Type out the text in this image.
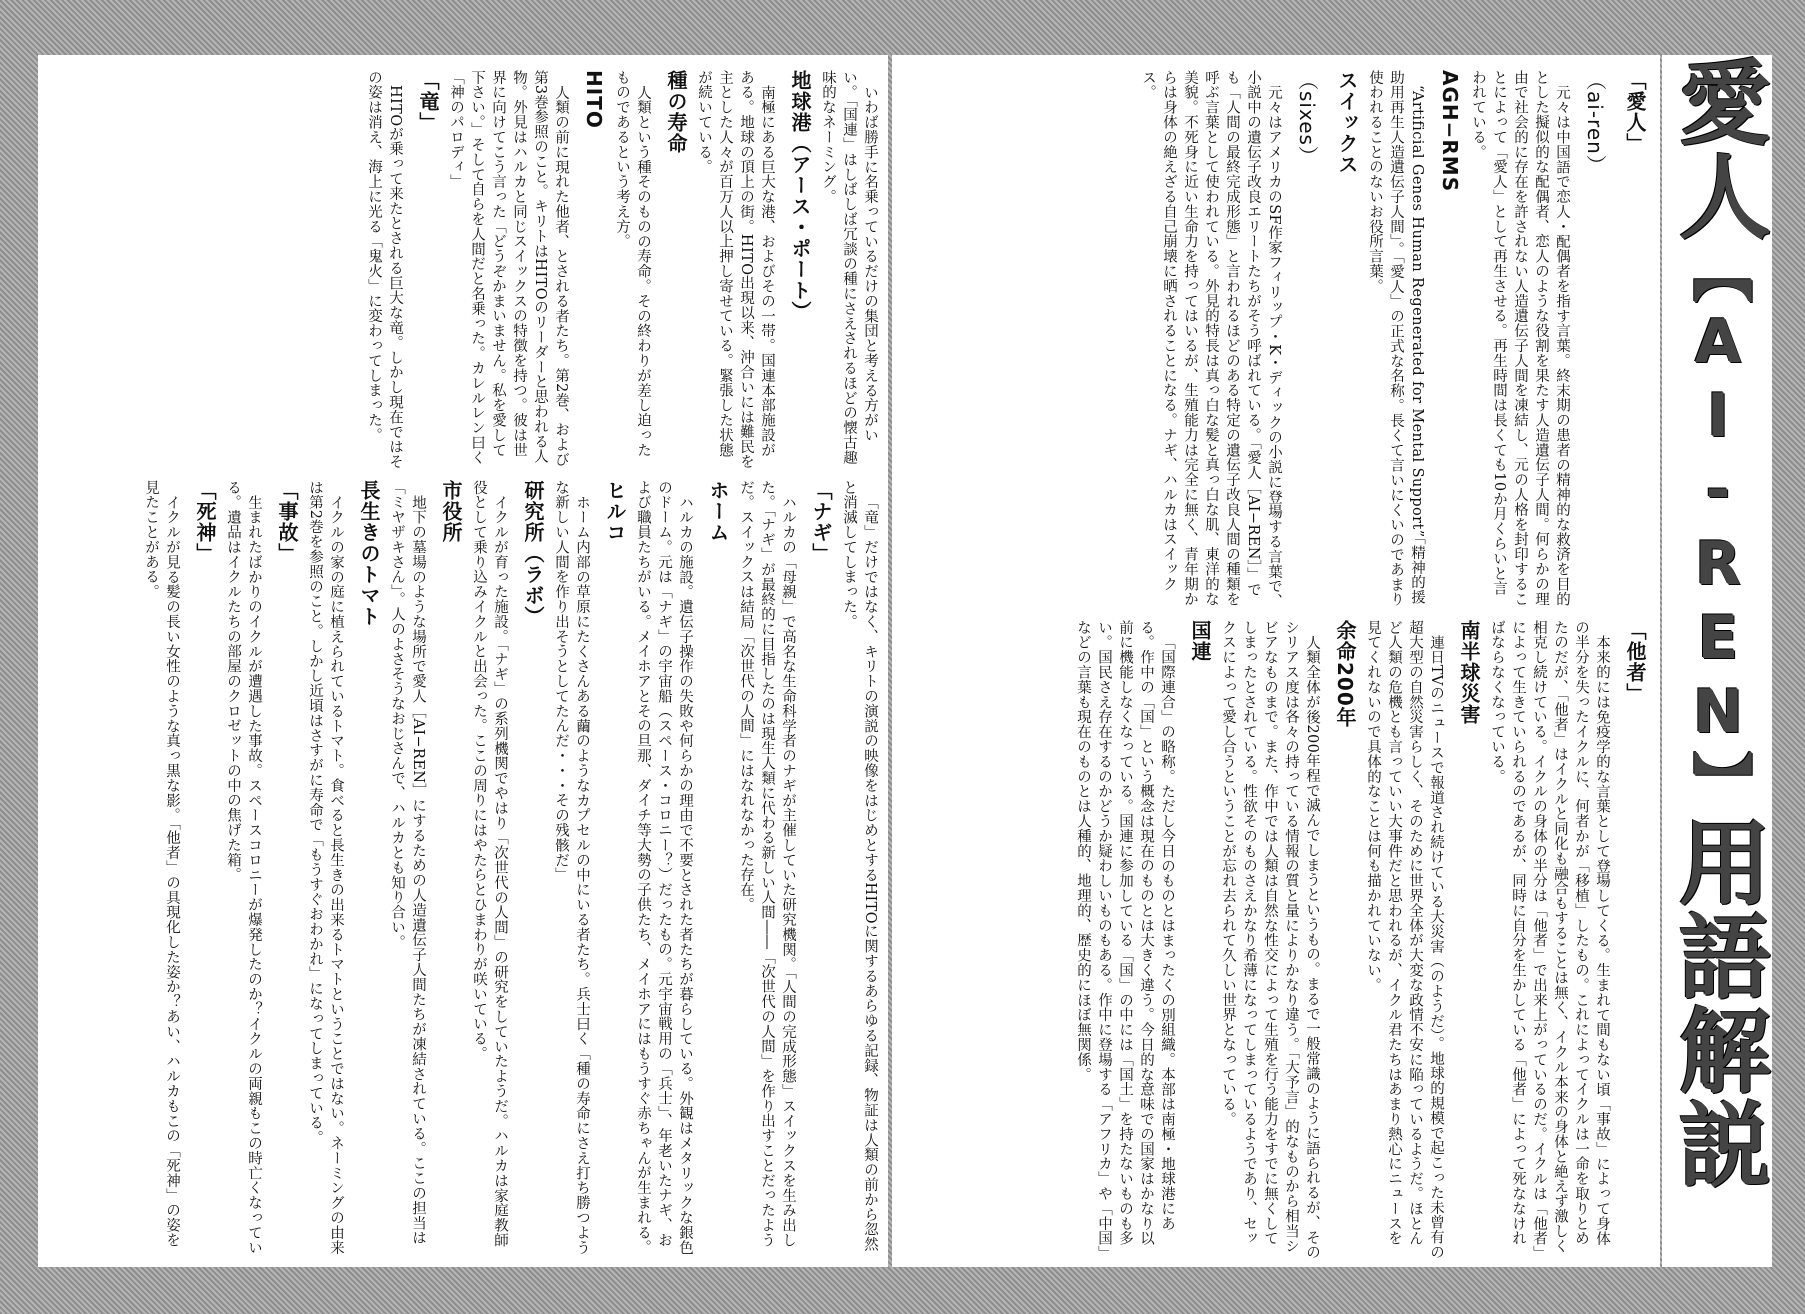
愛人【AI-REN】用語解説
「愛人」
（ai-ren）
元々は中国語で恋人・配偶者を指す言葉。終末期の患者の精神的な救済を目的とした擬似的な配偶者、恋人のような役割を果たす人造遺伝子人間。何らかの理由で社会的に存在を許されない人造遺伝子人間を凍結し、元の人格を封印することによって「愛人」として再生させる。再生時間は長くても10か月くらいと言われている。
AGH−RMS
“Artificial Genes Human Regenerated for Mental Support”「精神的援助用再生人造遺伝子人間」。「愛人」の正式な名称。長くて言いにくいのであまり使われることのないお役所言葉。
スイックス
（sixes）
元々はアメリカのSF作家フィリップ・K・ディックの小説に登場する言葉で、小説中の遺伝子改良エリートたちがそう呼ばれている。「愛人［AI−REN］」でも「人間の最終完成形態」と言われるほどのある特定の遺伝子改良人間の種類を呼ぶ言葉として使われている。外見的特長は真っ白な髪と真っ白な肌、東洋的な美貌。不死身に近い生命力を持ってはいるが、生殖能力は完全に無く、青年期からは身体の絶えざる自己崩壊に晒されることになる。ナギ、ハルカはスイックス。
「他者」
本来的には免疫学的な言葉として登場してくる。生まれて間もない頃「事故」によって身体の半分を失ったイクルに、何者かが「移植」したもの。これによってイクルは一命を取りとめたのだが、「他者」はイクルと同化も融合もすることは無く、イクル本来の身体と絶えず激しく相克し続けている。イクルの身体の半分は「他者」で出来上がっているのだ。イクルは「他者」によって生きていられるのであるが、同時に自分を生かしている「他者」によって死ななければならなくなっている。
南半球災害
連日TVのニュースで報道され続けている大災害（のようだ）。地球的規模で起こった未曾有の超大型の自然災害らしく、そのために世界全体が大変な政情不安に陥っているようだ。ほとんど人類の危機とも言っていい大事件だと思われるが、イクル君たちはあまり熱心にニュースを見てくれないので具体的なことは何も描かれていない。
余命200年
人類全体が後200年程で滅んでしまうというもの。まるで一般常識のように語られるが、そのシリアス度は各々の持っている情報の質と量によりかなり違う。「大予言」的なものから相当シビアなものまで。また、作中では人類は自然な性交によって生殖を行う能力をすでに無くしてしまったとされている。性欲そのものさえかなり希薄になってしまっているようであり、セックスによって愛し合うということが忘れ去られて久しい世界となっている。
国連
「国際連合」の略称。ただし今日のものとはまったくの別組織。本部は南極・地球港にある。作中の「国」という概念は現在のものとは大きく違う。今日的な意味での国家はかなり以前に機能しなくなっている。国連に参加している「国」の中には「国土」を持たないものも多い。国民さえ存在するのかどうか疑わしいものもある。作中に登場する「アフリカ」や「中国」などの言葉も現在のものとは人種的、地理的、歴史的にほぼ無関係。
いわば勝手に名乗っているだけの集団と考える方がいい。「国連」はしばしば冗談の種にさえされるほどの懐古趣味的なネーミング。
地球港（アース・ポート）
南極にある巨大な港、およびその一帯。国連本部施設がある。地球の頂上の街。HITO出現以来、沖合いには難民を主とした人々が百万人以上押し寄せている。緊張した状態が続いている。
種の寿命
人類という種そのものの寿命。その終わりが差し迫ったものであるという考え方。
HITO
人類の前に現れた他者、とされる者たち。第2巻、および第3巻参照のこと。キリトはHITOのリーダーと思われる人物。外見はハルカと同じスイックスの特徴を持つ。彼は世界に向けてこう言った「どうぞかまいません。私を愛して下さい。」そして自らを人間だと名乗った。カレルレン曰く「神のパロディ」
「竜」
HITOが乗って来たとされる巨大な竜。しかし現在ではその姿は消え、海上に光る「鬼火」に変わってしまった。
「竜」だけではなく、キリトの演説の映像をはじめとするHITOに関するあらゆる記録、物証は人類の前から忽然と消滅してしまった。
「ナギ」
ハルカの「母親」で高名な生命科学者のナギが主催していた研究機関。「人間の完成形態」スイックスを生み出した。「ナギ」が最終的に目指したのは現生人類に代わる新しい人間――「次世代の人間」を作り出すことだったようだ。スイックスは結局「次世代の人間」にはなれなかった存在。
ホーム
ハルカの施設。遺伝子操作の失敗や何らかの理由で不要とされた者たちが暮らしている。外観はメタリックな銀色のドーム。元は「ナギ」の宇宙船（スペース・コロニー？）だったもの。元宇宙戦用の「兵士」、年老いたナギ、および職員たちがいる。メイホアとその旦那、ダイチ等大勢の子供たち、メイホアにはもうすぐ赤ちゃんが生まれる。
ヒルコ
ホーム内部の草原にたくさんある繭のようなカプセルの中にいる者たち。兵士曰く「種の寿命にさえ打ち勝つような新しい人間を作り出そうとしてたんだ・・・その残骸だ」
研究所（ラボ）
イクルが育った施設。「ナギ」の系列機関でやはり「次世代の人間」の研究をしていたようだ。ハルカは家庭教師役として乗り込みイクルと出会った。ここの周りにはやたらとひまわりが咲いている。
市役所
地下の墓場のような場所で愛人［AI−REN］にするための人造遺伝子人間たちが凍結されている。ここの担当は「ミヤザキさん」。人のよさそうなおじさんで、ハルカとも知り合い。
長生きのトマト
イクルの家の庭に植えられているトマト。食べると長生きの出来るトマトということではない。ネーミングの由来は第2巻を参照のこと。しかし近頃はさすがに寿命で「もうすぐおわかれ」になってしまっている。
「事故」
生まれたばかりのイクルが遭遇した事故。スペースコロニーが爆発したのか？イクルの両親もこの時亡くなっている。遺品はイクルたちの部屋のクロゼットの中の焦げた箱。
「死神」
イクルが見る髪の長い女性のような真っ黒な影。「他者」の具現化した姿か？あい、ハルカもこの「死神」の姿を見たことがある。
